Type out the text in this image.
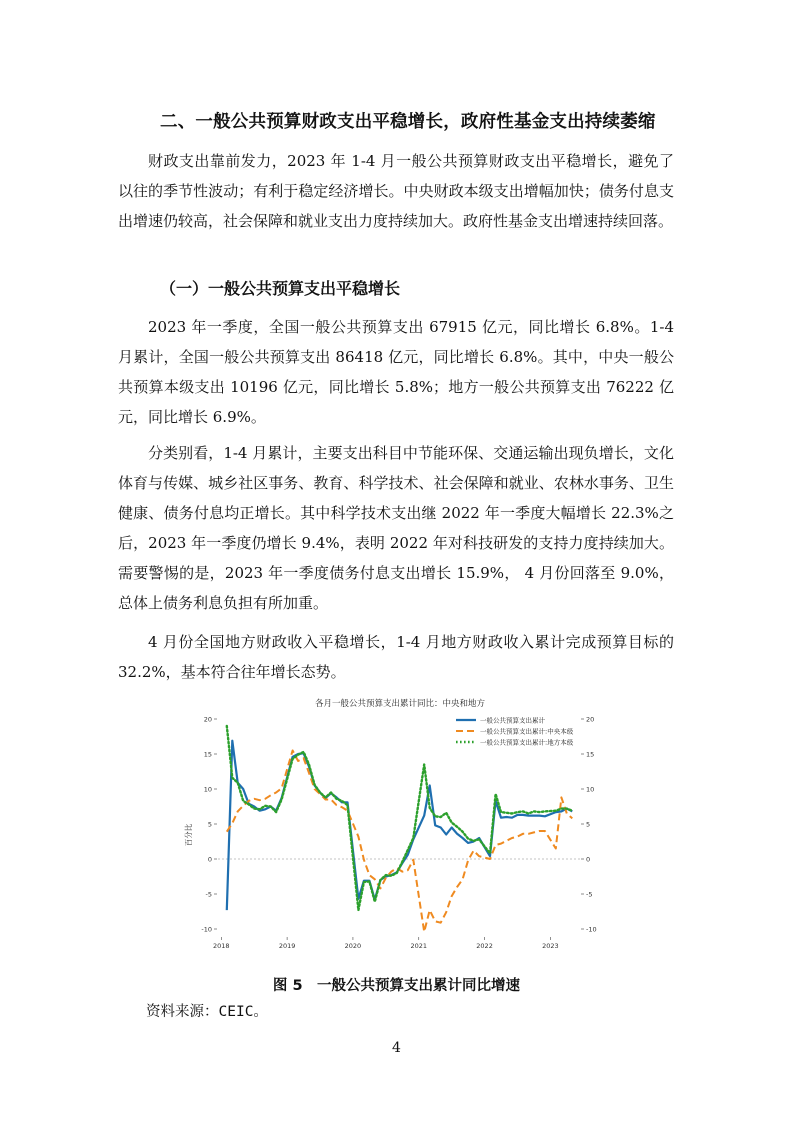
二、一般公共预算财政支出平稳增长，政府性基金支出持续萎缩

财政支出靠前发力，2023 年 1-4 月一般公共预算财政支出平稳增长，避免了以往的季节性波动；有利于稳定经济增长。中央财政本级支出增幅加快；债务付息支出增速仍较高，社会保障和就业支出力度持续加大。政府性基金支出增速持续回落。

（一）一般公共预算支出平稳增长

2023 年一季度，全国一般公共预算支出 67915 亿元，同比增长 6.8%。1-4 月累计，全国一般公共预算支出 86418 亿元，同比增长 6.8%。其中，中央一般公共预算本级支出 10196 亿元，同比增长 5.8%；地方一般公共预算支出 76222 亿元，同比增长 6.9%。

分类别看，1-4 月累计，主要支出科目中节能环保、交通运输出现负增长，文化体育与传媒、城乡社区事务、教育、科学技术、社会保障和就业、农林水事务、卫生健康、债务付息均正增长。其中科学技术支出继 2022 年一季度大幅增长 22.3%之后，2023 年一季度仍增长 9.4%，表明 2022 年对科技研发的支持力度持续加大。需要警惕的是，2023 年一季度债务付息支出增长 15.9%， 4 月份回落至 9.0%，总体上债务利息负担有所加重。

4 月份全国地方财政收入平稳增长，1-4 月地方财政收入累计完成预算目标的 32.2%，基本符合往年增长态势。

各月一般公共预算支出累计同比：中央和地方
百分比
-10	-10
-5	-5
0	0
5	5
10	10
15	15
20	20
2018	2019	2020	2021	2022	2023
一般公共预算支出累计
一般公共预算支出累计:中央本级
一般公共预算支出累计:地方本级
图 5　一般公共预算支出累计同比增速
资料来源：CEIC。
4
